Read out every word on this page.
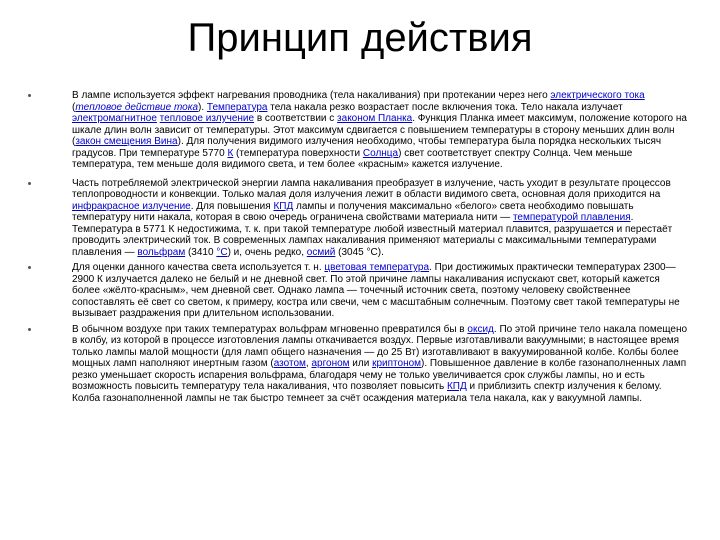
Принцип действия

В лампе используется эффект нагревания проводника (тела накаливания) при протекании через него электрического тока (тепловое действие тока). Температура тела накала резко возрастает после включения тока. Тело накала излучает электромагнитное тепловое излучение в соответствии с законом Планка. Функция Планка имеет максимум, положение которого на шкале длин волн зависит от температуры. Этот максимум сдвигается с повышением температуры в сторону меньших длин волн (закон смещения Вина). Для получения видимого излучения необходимо, чтобы температура была порядка нескольких тысяч градусов. При температуре 5770 К (температура поверхности Солнца) свет соответствует спектру Солнца. Чем меньше температура, тем меньше доля видимого света, и тем более «красным» кажется излучение.

Часть потребляемой электрической энергии лампа накаливания преобразует в излучение, часть уходит в результате процессов теплопроводности и конвекции. Только малая доля излучения лежит в области видимого света, основная доля приходится на инфракрасное излучение. Для повышения КПД лампы и получения максимально «белого» света необходимо повышать температуру нити накала, которая в свою очередь ограничена свойствами материала нити — температурой плавления. Температура в 5771 К недостижима, т. к. при такой температуре любой известный материал плавится, разрушается и перестаёт проводить электрический ток. В современных лампах накаливания применяют материалы с максимальными температурами плавления — вольфрам (3410 °C) и, очень редко, осмий (3045 °C).

Для оценки данного качества света используется т. н. цветовая температура. При достижимых практически температурах 2300—2900 К излучается далеко не белый и не дневной свет. По этой причине лампы накаливания испускают свет, который кажется более «жёлто-красным», чем дневной свет. Однако лампа — точечный источник света, поэтому человеку свойственнее сопоставлять её свет со светом, к примеру, костра или свечи, чем с масштабным солнечным. Поэтому свет такой температуры не вызывает раздражения при длительном использовании.

В обычном воздухе при таких температурах вольфрам мгновенно превратился бы в оксид. По этой причине тело накала помещено в колбу, из которой в процессе изготовления лампы откачивается воздух. Первые изготавливали вакуумными; в настоящее время только лампы малой мощности (для ламп общего назначения — до 25 Вт) изготавливают в вакуумированной колбе. Колбы более мощных ламп наполняют инертным газом (азотом, аргоном или криптоном). Повышенное давление в колбе газонаполненных ламп резко уменьшает скорость испарения вольфрама, благодаря чему не только увеличивается срок службы лампы, но и есть возможность повысить температуру тела накаливания, что позволяет повысить КПД и приблизить спектр излучения к белому. Колба газонаполненной лампы не так быстро темнеет за счёт осаждения материала тела накала, как у вакуумной лампы.
